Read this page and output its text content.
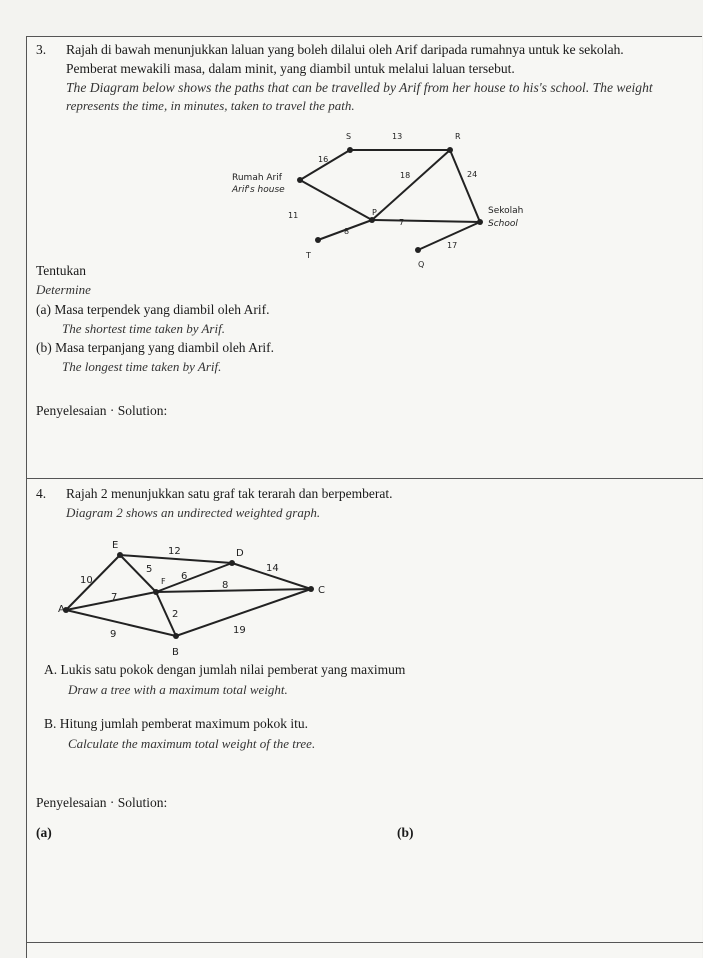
3. Rajah di bawah menunjukkan laluan yang boleh dilalui oleh Arif daripada rumahnya untuk ke sekolah.
Pemberat mewakili masa, dalam minit, yang diambil untuk melalui laluan tersebut.
The Diagram below shows the paths that can be travelled by Arif from her house to his's school. The weight
represents the time, in minutes, taken to travel the path.
S	R
Rumah Arif
Arif's house
P	Sekolah
School
T
Q
16
13
18	24
11
8
7
17
Tentukan
Determine
(a) Masa terpendek yang diambil oleh Arif.
The shortest time taken by Arif.
(b) Masa terpanjang yang diambil oleh Arif.
The longest time taken by Arif.
Penyelesaian · Solution:
4. Rajah 2 menunjukkan satu graf tak terarah dan berpemberat.
Diagram 2 shows an undirected weighted graph.
E
D
F
A
C
B
12
10
5
6
14
8
7
2
9	19
A. Lukis satu pokok dengan jumlah nilai pemberat yang maximum
Draw a tree with a maximum total weight.
B. Hitung jumlah pemberat maximum pokok itu.
Calculate the maximum total weight of the tree.
Penyelesaian · Solution:
(a)	(b)
